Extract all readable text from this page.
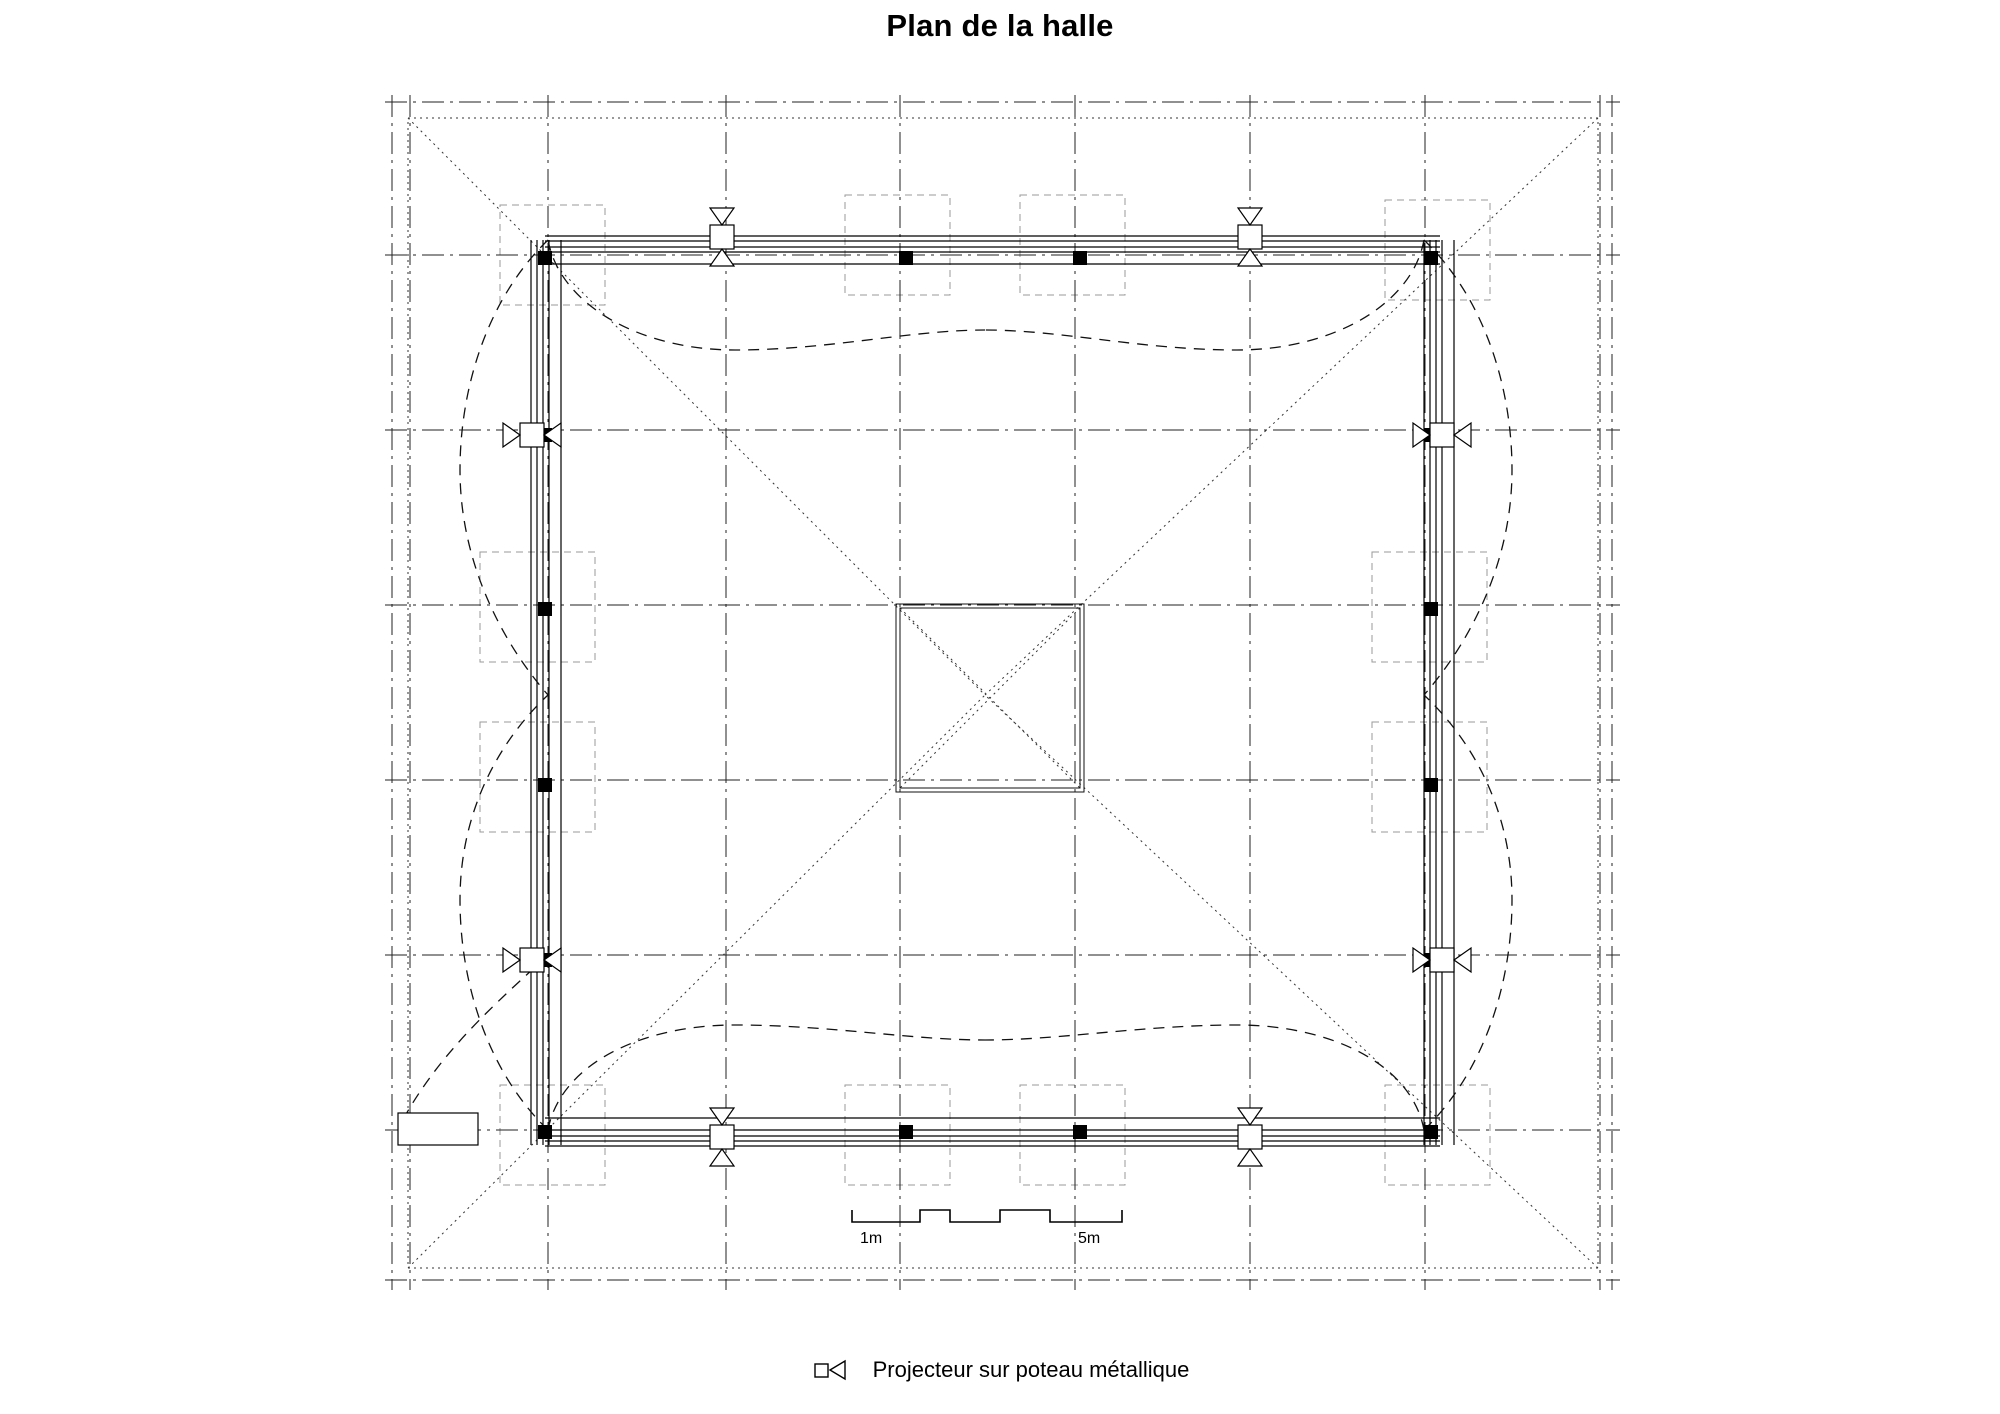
Plan de la halle
1m	5m
Projecteur sur poteau métallique
